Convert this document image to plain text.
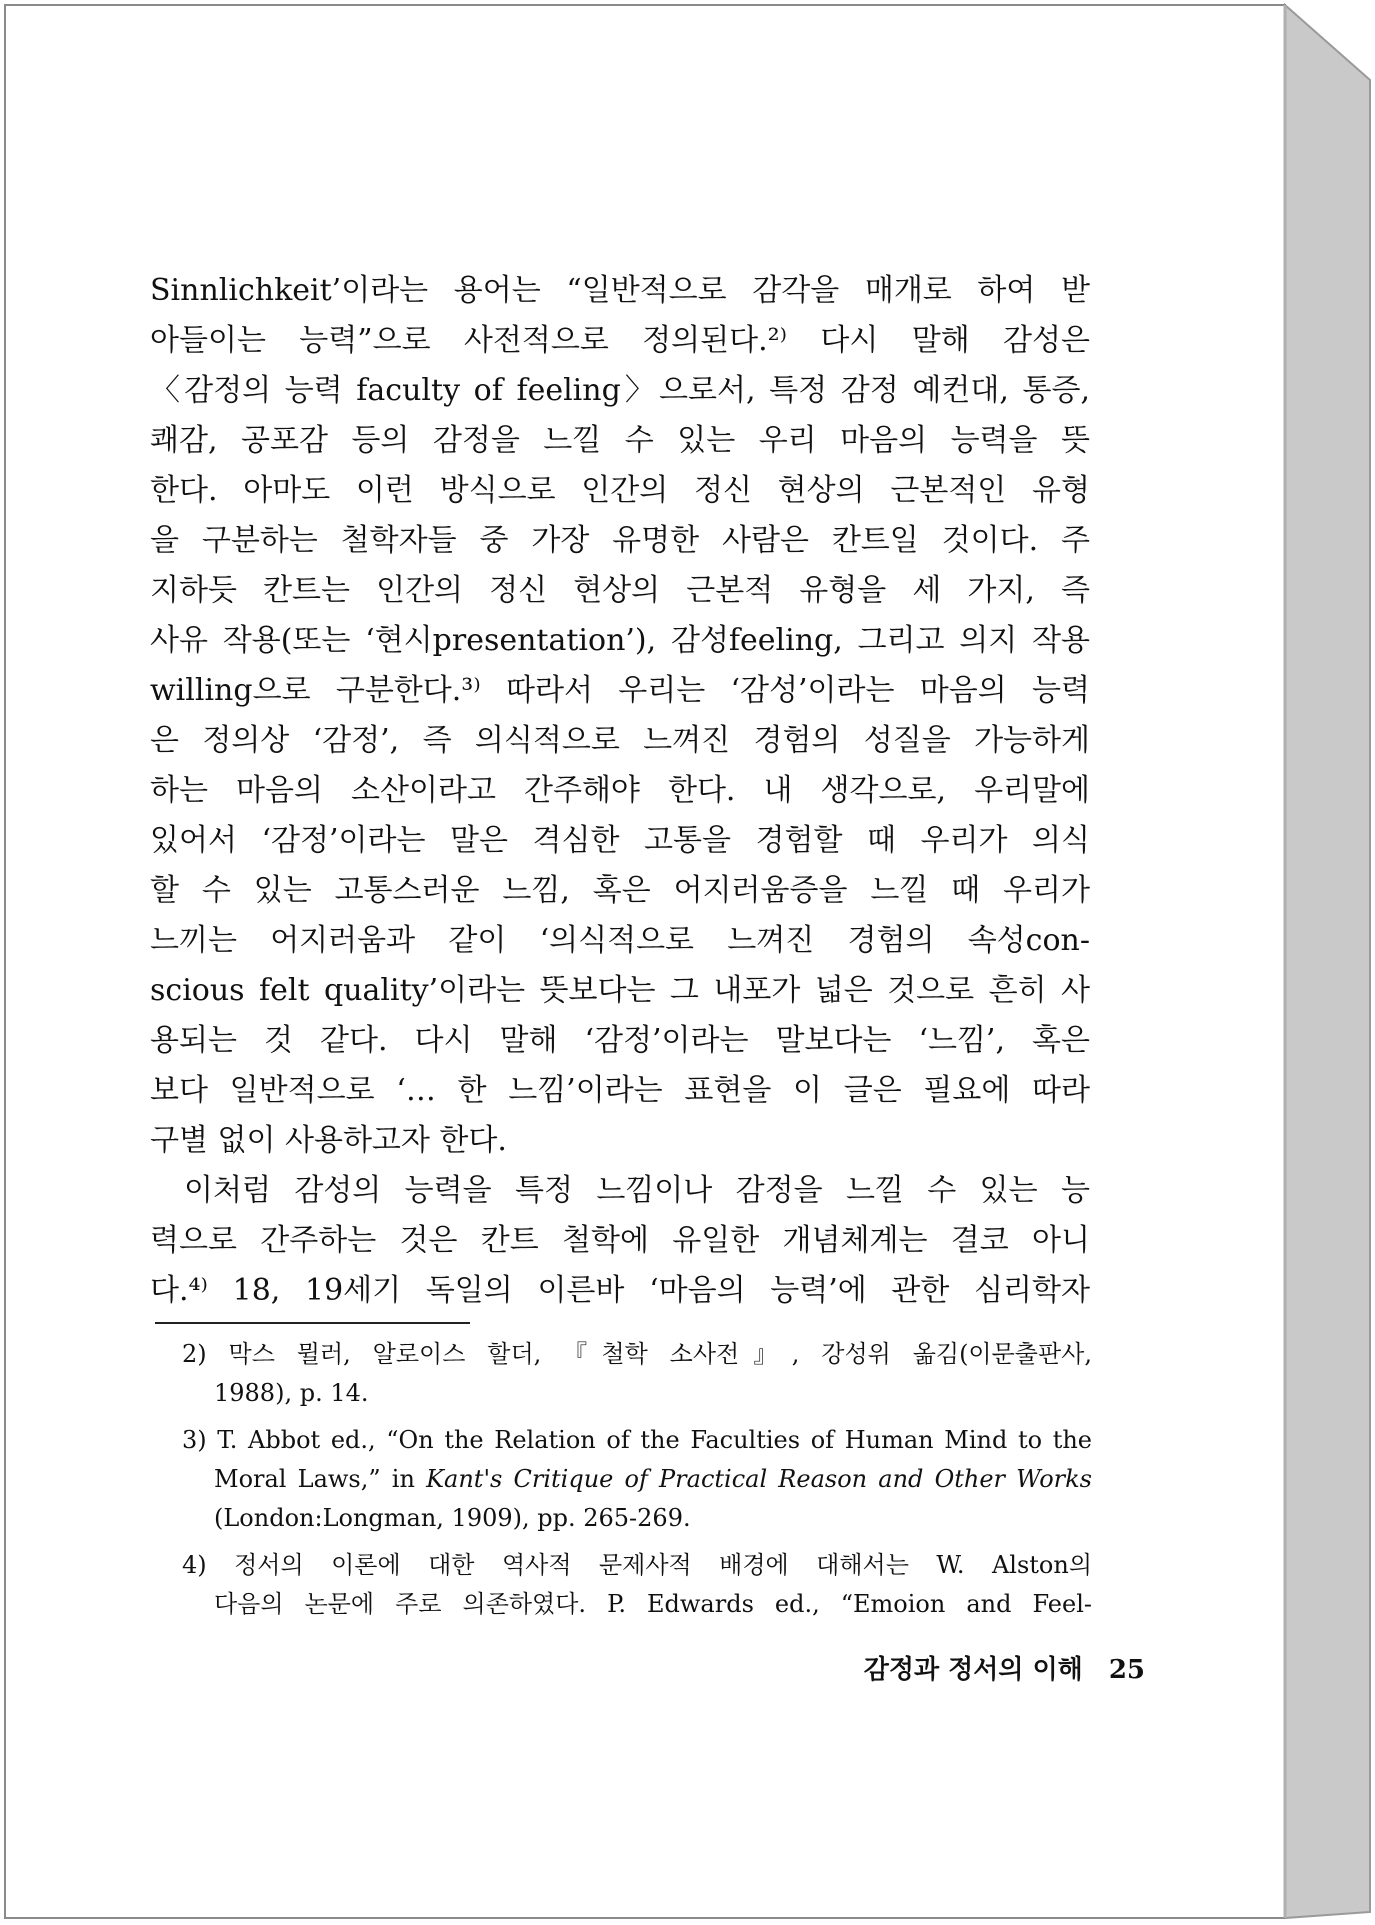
Sinnlichkeit’이라는 용어는 “일반적으로 감각을 매개로 하여 받
아들이는 능력”으로 사전적으로 정의된다.²⁾ 다시 말해 감성은
〈감정의 능력 faculty of feeling〉으로서, 특정 감정 예컨대, 통증,
쾌감, 공포감 등의 감정을 느낄 수 있는 우리 마음의 능력을 뜻
한다. 아마도 이런 방식으로 인간의 정신 현상의 근본적인 유형
을 구분하는 철학자들 중 가장 유명한 사람은 칸트일 것이다. 주
지하듯 칸트는 인간의 정신 현상의 근본적 유형을 세 가지, 즉
사유 작용(또는 ‘현시presentation’), 감성feeling, 그리고 의지 작용
willing으로 구분한다.³⁾ 따라서 우리는 ‘감성’이라는 마음의 능력
은 정의상 ‘감정’, 즉 의식적으로 느껴진 경험의 성질을 가능하게
하는 마음의 소산이라고 간주해야 한다. 내 생각으로, 우리말에
있어서 ‘감정’이라는 말은 격심한 고통을 경험할 때 우리가 의식
할 수 있는 고통스러운 느낌, 혹은 어지러움증을 느낄 때 우리가
느끼는 어지러움과 같이 ‘의식적으로 느껴진 경험의 속성con-
scious felt quality’이라는 뜻보다는 그 내포가 넓은 것으로 흔히 사
용되는 것 같다. 다시 말해 ‘감정’이라는 말보다는 ‘느낌’, 혹은
보다 일반적으로 ‘… 한 느낌’이라는 표현을 이 글은 필요에 따라
구별 없이 사용하고자 한다.
이처럼 감성의 능력을 특정 느낌이나 감정을 느낄 수 있는 능
력으로 간주하는 것은 칸트 철학에 유일한 개념체계는 결코 아니
다.⁴⁾ 18, 19세기 독일의 이른바 ‘마음의 능력’에 관한 심리학자
2) 막스 뮐러, 알로이스 할더, 『철학 소사전』, 강성위 옮김(이문출판사,
1988), p. 14.
3) T. Abbot ed., “On the Relation of the Faculties of Human Mind to the
Moral Laws,” in Kant's Critique of Practical Reason and Other Works
(London:Longman, 1909), pp. 265-269.
4) 정서의 이론에 대한 역사적 문제사적 배경에 대해서는 W. Alston의
다음의 논문에 주로 의존하였다. P. Edwards ed., “Emoion and Feel-
감정과 정서의 이해 25
